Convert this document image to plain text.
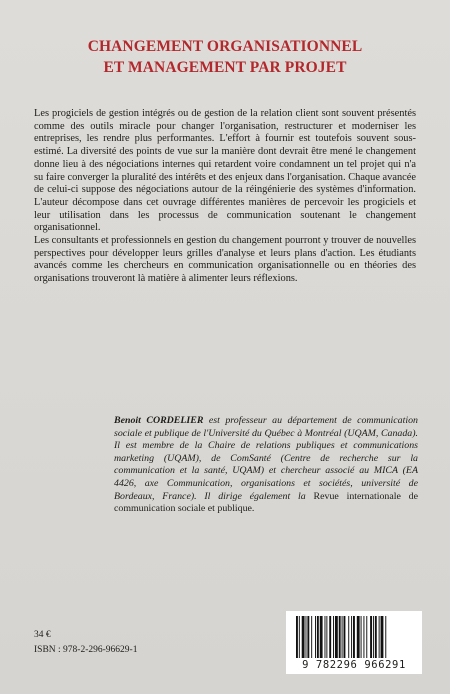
CHANGEMENT ORGANISATIONNEL
ET MANAGEMENT PAR PROJET

Les progiciels de gestion intégrés ou de gestion de la relation client sont souvent présentés comme des outils miracle pour changer l'organisation, restructurer et moderniser les entreprises, les rendre plus performantes. L'effort à fournir est toutefois souvent sous-estimé. La diversité des points de vue sur la manière dont devrait être mené le changement donne lieu à des négociations internes qui retardent voire condamnent un tel projet qui n'a su faire converger la pluralité des intérêts et des enjeux dans l'organisation. Chaque avancée de celui-ci suppose des négociations autour de la réingénierie des systèmes d'information. L'auteur décompose dans cet ouvrage différentes manières de percevoir les progiciels et leur utilisation dans les processus de communication soutenant le changement organisationnel.

Les consultants et professionnels en gestion du changement pourront y trouver de nouvelles perspectives pour développer leurs grilles d'analyse et leurs plans d'action. Les étudiants avancés comme les chercheurs en communication organisationnelle ou en théories des organisations trouveront là matière à alimenter leurs réflexions.

Benoit CORDELIER est professeur au département de communication sociale et publique de l'Université du Québec à Montréal (UQAM, Canada). Il est membre de la Chaire de relations publiques et communications marketing (UQAM), de ComSanté (Centre de recherche sur la communication et la santé, UQAM) et chercheur associé au MICA (EA 4426, axe Communication, organisations et sociétés, université de Bordeaux, France). Il dirige également la Revue internationale de communication sociale et publique.
34 €
ISBN : 978-2-296-96629-1
9 782296 966291
